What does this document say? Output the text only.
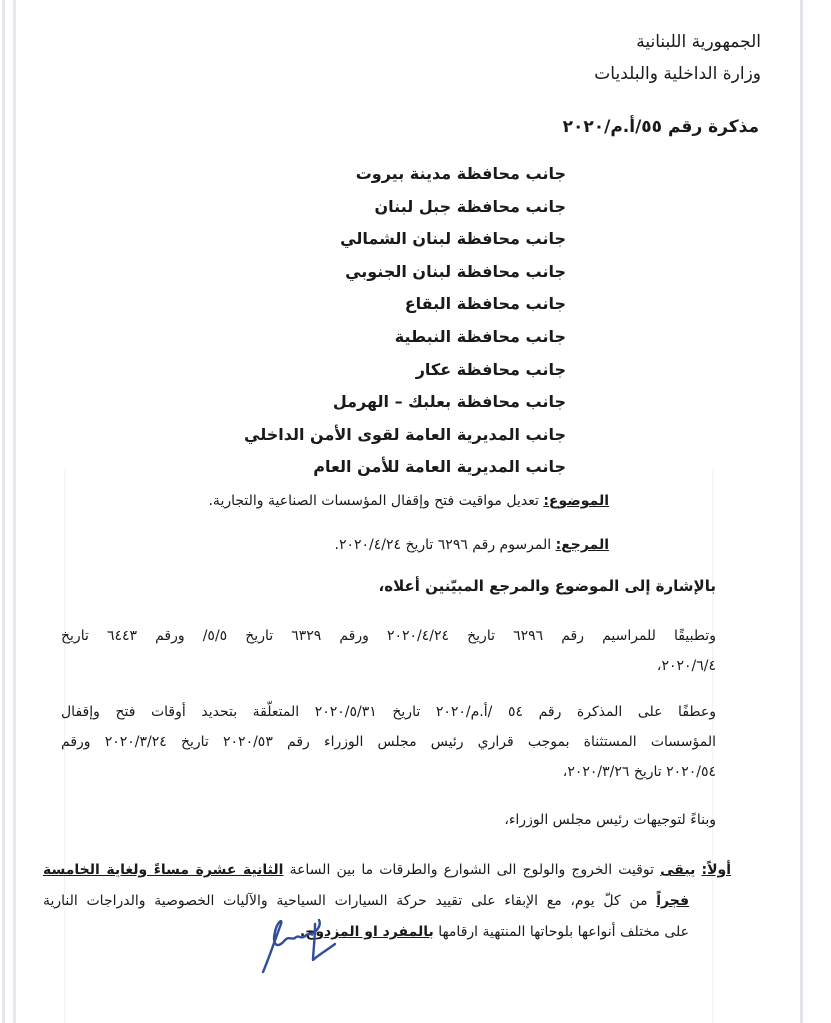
الجمهورية اللبنانية
وزارة الداخلية والبلديات
مذكرة رقم ٥٥/أ.م/٢٠٢٠
جانب محافظة مدينة بيروت
جانب محافظة جبل لبنان
جانب محافظة لبنان الشمالي
جانب محافظة لبنان الجنوبي
جانب محافظة البقاع
جانب محافظة النبطية
جانب محافظة عكار
جانب محافظة بعلبك – الهرمل
جانب المديرية العامة لقوى الأمن الداخلي
جانب المديرية العامة للأمن العام
الموضوع: تعديل مواقيت فتح وإقفال المؤسسات الصناعية والتجارية.
المرجع: المرسوم رقم ٦٢٩٦ تاريخ ٢٠٢٠/٤/٢٤.
بالإشارة إلى الموضوع والمرجع المبيّنين أعلاه،
وتطبيقًا للمراسيم رقم ٦٢٩٦ تاريخ ٢٠٢٠/٤/٢٤ ورقم ٦٣٢٩ تاريخ ٥/٥/ ورقم ٦٤٤٣ تاريخ
٢٠٢٠/٦/٤،
وعطفًا على المذكرة رقم ٥٤ /أ.م/٢٠٢٠ تاريخ ٢٠٢٠/٥/٣١ المتعلّقة بتحديد أوقات فتح وإقفال
المؤسسات المستثناة بموجب قراري رئيس مجلس الوزراء رقم ٢٠٢٠/٥٣ تاريخ ٢٠٢٠/٣/٢٤ ورقم
٢٠٢٠/٥٤ تاريخ ٢٠٢٠/٣/٢٦،
وبناءً لتوجيهات رئيس مجلس الوزراء،
أولاً: يبقى توقيت الخروج والولوج الى الشوارع والطرقات ما بين الساعة الثانية عشرة مساءً ولغاية الخامسة
فجراً من كلّ يوم، مع الإبقاء على تقييد حركة السيارات السياحية والآليات الخصوصية والدراجات النارية
على مختلف أنواعها بلوحاتها المنتهية ارقامها بالمفرد او المزدوج.
